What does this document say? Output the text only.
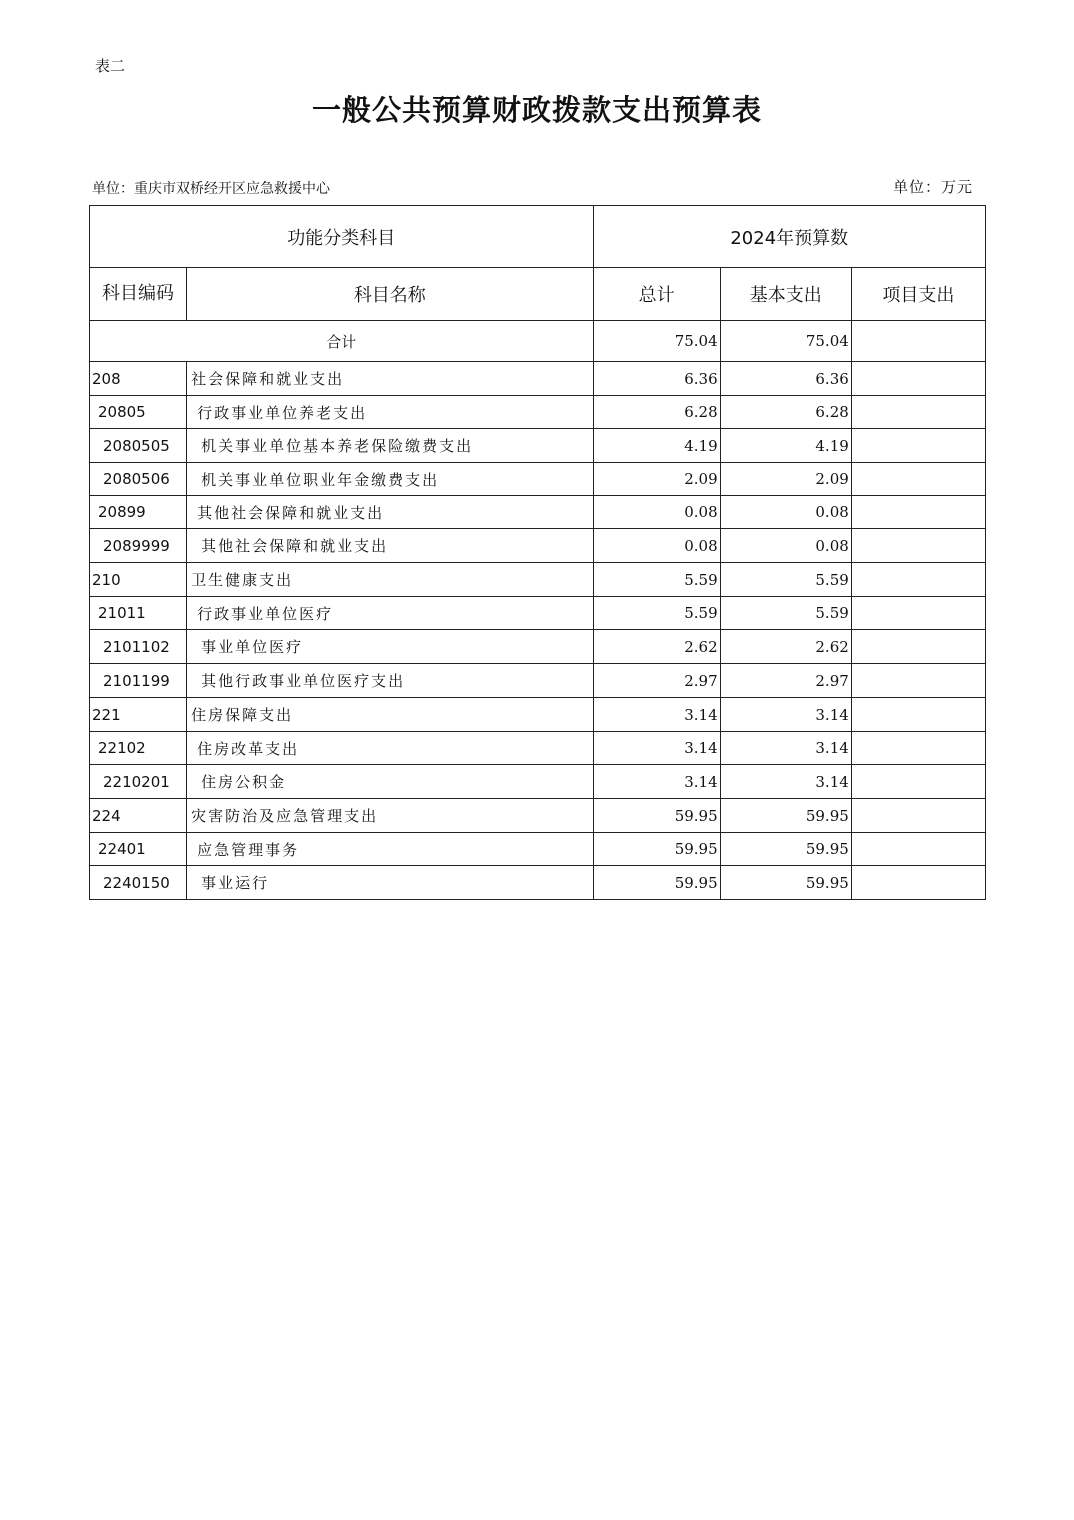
表二
一般公共预算财政拨款支出预算表
单位：重庆市双桥经开区应急救援中心	单位：万元
功能分类科目		2024年预算数		
科目编码	科目名称	总计	基本支出	项目支出
合计		75.04	75.04	
208	社会保障和就业支出	6.36	6.36	
20805	行政事业单位养老支出	6.28	6.28	
2080505	机关事业单位基本养老保险缴费支出	4.19	4.19	
2080506	机关事业单位职业年金缴费支出	2.09	2.09	
20899	其他社会保障和就业支出	0.08	0.08	
2089999	其他社会保障和就业支出	0.08	0.08	
210	卫生健康支出	5.59	5.59	
21011	行政事业单位医疗	5.59	5.59	
2101102	事业单位医疗	2.62	2.62	
2101199	其他行政事业单位医疗支出	2.97	2.97	
221	住房保障支出	3.14	3.14	
22102	住房改革支出	3.14	3.14	
2210201	住房公积金	3.14	3.14	
224	灾害防治及应急管理支出	59.95	59.95	
22401	应急管理事务	59.95	59.95	
2240150	事业运行	59.95	59.95	
